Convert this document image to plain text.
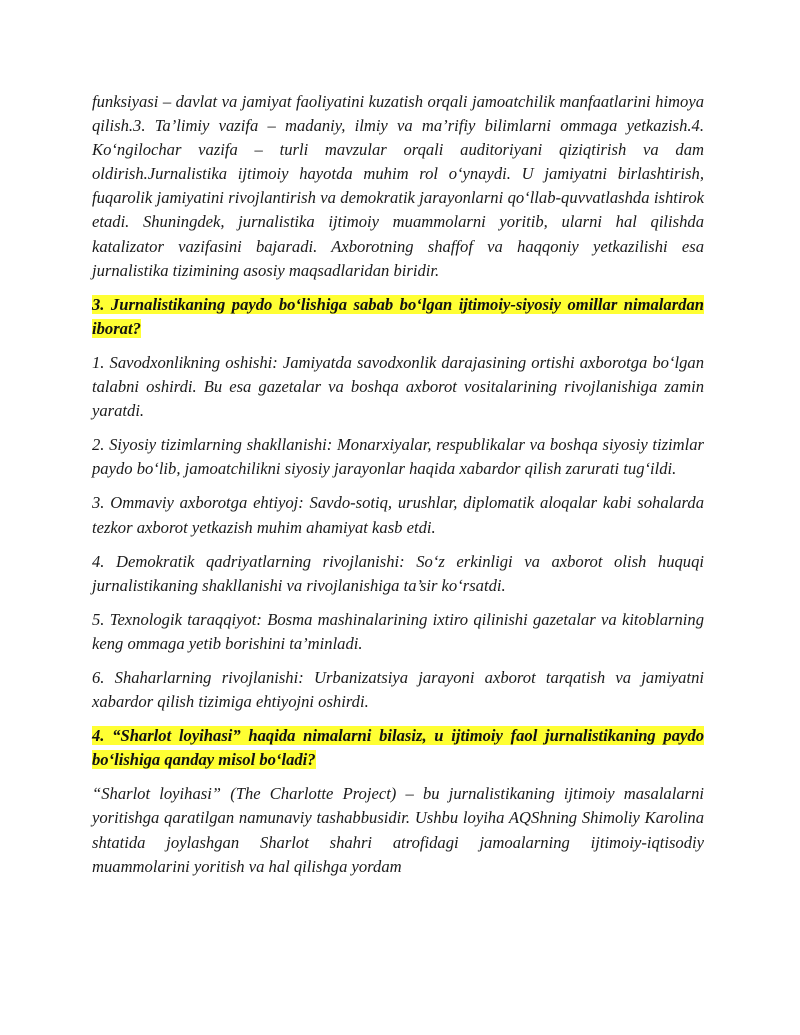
funksiyasi – davlat va jamiyat faoliyatini kuzatish orqali jamoatchilik manfaatlarini himoya qilish.3. Ta’limiy vazifa – madaniy, ilmiy va ma’rifiy bilimlarni ommaga yetkazish.4. Ko‘ngilochar vazifa – turli mavzular orqali auditoriyani qiziqtirish va dam oldirish.Jurnalistika ijtimoiy hayotda muhim rol o‘ynaydi. U jamiyatni birlashtirish, fuqarolik jamiyatini rivojlantirish va demokratik jarayonlarni qo‘llab-quvvatlashda ishtirok etadi. Shuningdek, jurnalistika ijtimoiy muammolarni yoritib, ularni hal qilishda katalizator vazifasini bajaradi. Axborotning shaffof va haqqoniy yetkazilishi esa jurnalistika tizimining asosiy maqsadlaridan biridir.

3. Jurnalistikaning paydo bo‘lishiga sabab bo‘lgan ijtimoiy-siyosiy omillar nimalardan iborat?

1. Savodxonlikning oshishi: Jamiyatda savodxonlik darajasining ortishi axborotga bo‘lgan talabni oshirdi. Bu esa gazetalar va boshqa axborot vositalarining rivojlanishiga zamin yaratdi.

2. Siyosiy tizimlarning shakllanishi: Monarxiyalar, respublikalar va boshqa siyosiy tizimlar paydo bo‘lib, jamoatchilikni siyosiy jarayonlar haqida xabardor qilish zarurati tug‘ildi.

3. Ommaviy axborotga ehtiyoj: Savdo-sotiq, urushlar, diplomatik aloqalar kabi sohalarda tezkor axborot yetkazish muhim ahamiyat kasb etdi.

4. Demokratik qadriyatlarning rivojlanishi: So‘z erkinligi va axborot olish huquqi jurnalistikaning shakllanishi va rivojlanishiga ta’sir ko‘rsatdi.

5. Texnologik taraqqiyot: Bosma mashinalarining ixtiro qilinishi gazetalar va kitoblarning keng ommaga yetib borishini ta’minladi.

6. Shaharlarning rivojlanishi: Urbanizatsiya jarayoni axborot tarqatish va jamiyatni xabardor qilish tizimiga ehtiyojni oshirdi.

4. “Sharlot loyihasi” haqida nimalarni bilasiz, u ijtimoiy faol jurnalistikaning paydo bo‘lishiga qanday misol bo‘ladi?

“Sharlot loyihasi” (The Charlotte Project) – bu jurnalistikaning ijtimoiy masalalarni yoritishga qaratilgan namunaviy tashabbusidir. Ushbu loyiha AQShning Shimoliy Karolina shtatida joylashgan Sharlot shahri atrofidagi jamoalarning ijtimoiy-iqtisodiy muammolarini yoritish va hal qilishga yordam
